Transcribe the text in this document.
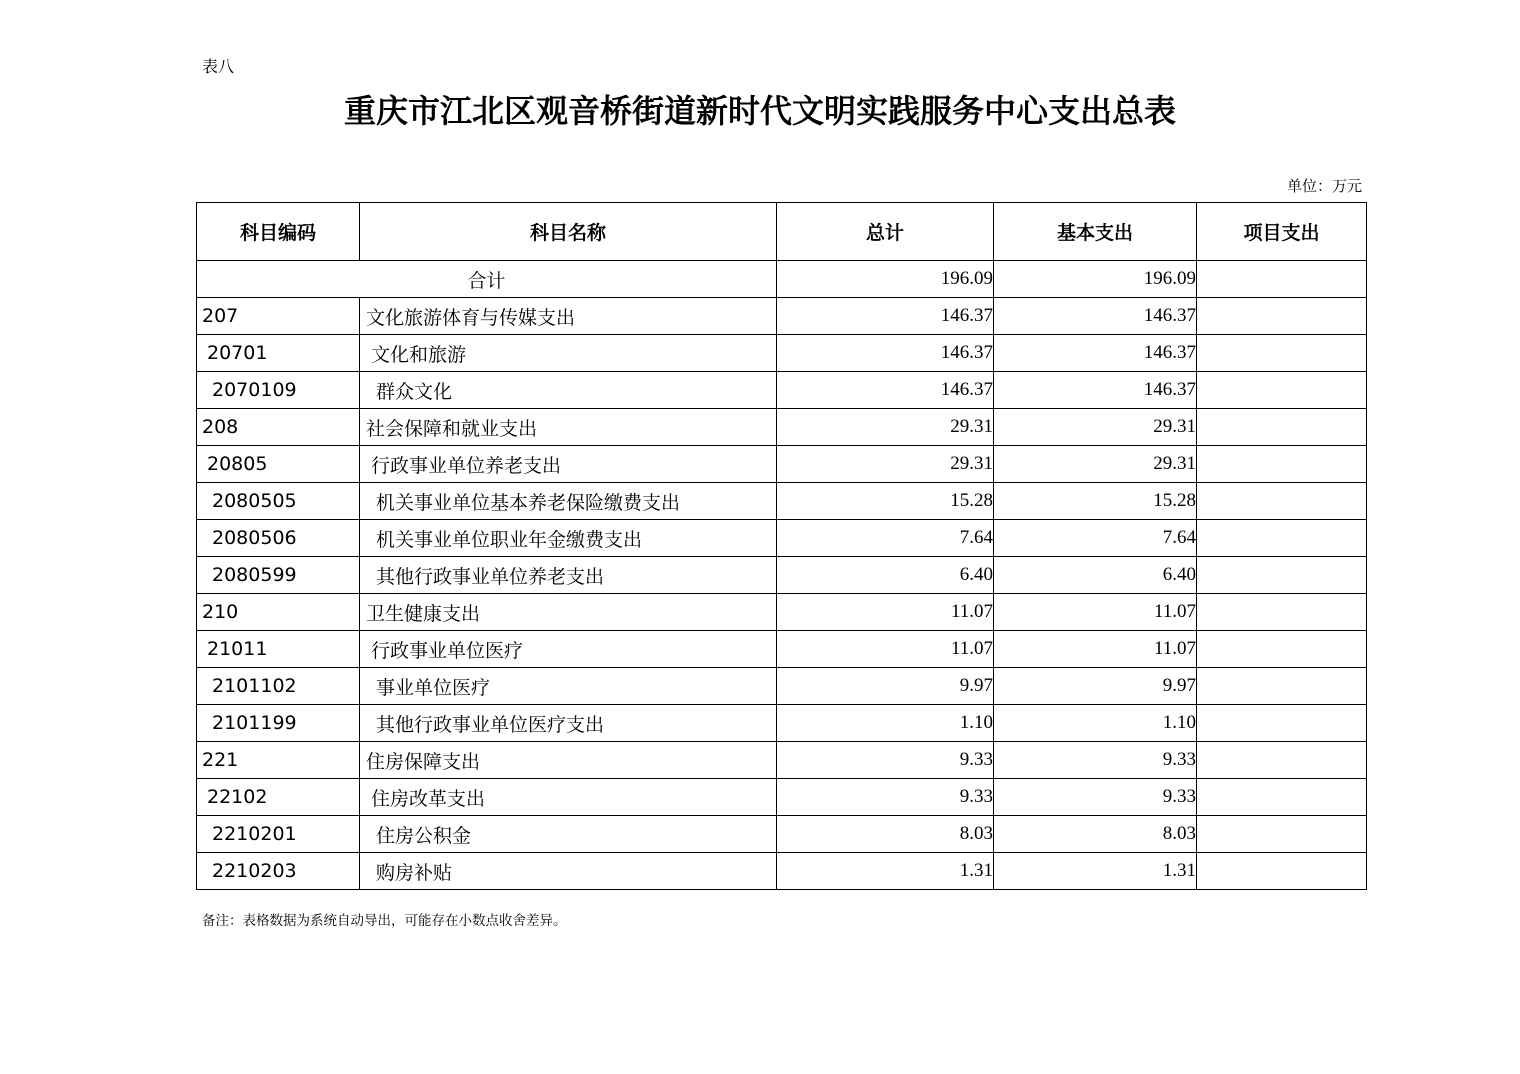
表八
重庆市江北区观音桥街道新时代文明实践服务中心支出总表
单位：万元
科目编码	科目名称	总计	基本支出	项目支出
合计		196.09	196.09	
207	文化旅游体育与传媒支出	146.37	146.37	
20701	文化和旅游	146.37	146.37	
2070109	群众文化	146.37	146.37	
208	社会保障和就业支出	29.31	29.31	
20805	行政事业单位养老支出	29.31	29.31	
2080505	机关事业单位基本养老保险缴费支出	15.28	15.28	
2080506	机关事业单位职业年金缴费支出	7.64	7.64	
2080599	其他行政事业单位养老支出	6.40	6.40	
210	卫生健康支出	11.07	11.07	
21011	行政事业单位医疗	11.07	11.07	
2101102	事业单位医疗	9.97	9.97	
2101199	其他行政事业单位医疗支出	1.10	1.10	
221	住房保障支出	9.33	9.33	
22102	住房改革支出	9.33	9.33	
2210201	住房公积金	8.03	8.03	
2210203	购房补贴	1.31	1.31	
备注：表格数据为系统自动导出，可能存在小数点收舍差异。
